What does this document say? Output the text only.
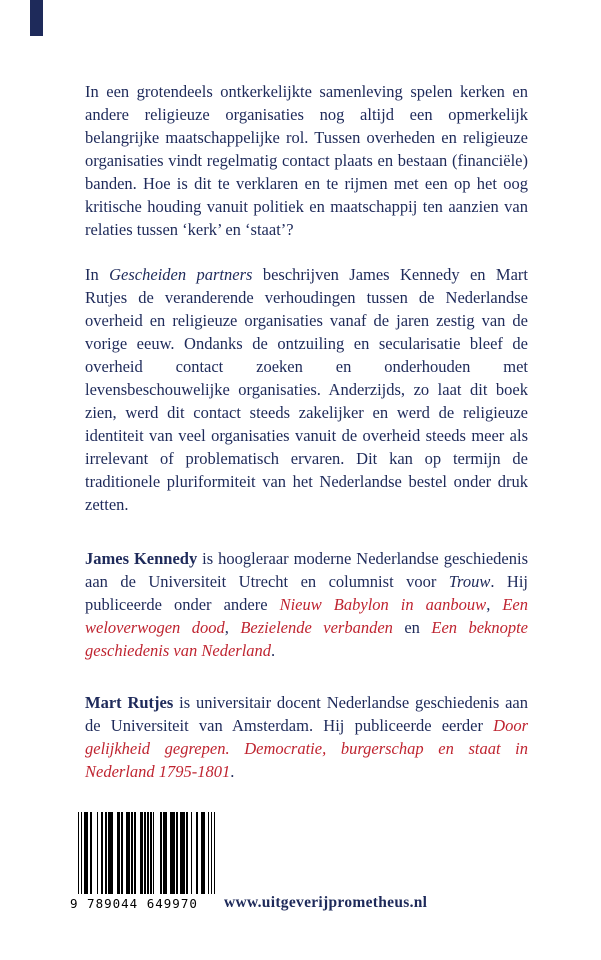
In een grotendeels ontkerkelijkte samenleving spelen kerken en andere religieuze organisaties nog altijd een opmerkelijk belangrijke maatschappelijke rol. Tussen overheden en religieuze organisaties vindt regelmatig contact plaats en bestaan (financiële) banden. Hoe is dit te verklaren en te rijmen met een op het oog kritische houding vanuit politiek en maatschappij ten aanzien van relaties tussen ‘kerk’ en ‘staat’?

In Gescheiden partners beschrijven James Kennedy en Mart Rutjes de veranderende verhoudingen tussen de Nederlandse overheid en religieuze organisaties vanaf de jaren zestig van de vorige eeuw. Ondanks de ontzuiling en secularisatie bleef de overheid contact zoeken en onderhouden met levensbeschouwelijke organisaties. Anderzijds, zo laat dit boek zien, werd dit contact steeds zakelijker en werd de religieuze identiteit van veel organisaties vanuit de overheid steeds meer als irrelevant of problematisch ervaren. Dit kan op termijn de traditionele pluriformiteit van het Nederlandse bestel onder druk zetten.

James Kennedy is hoogleraar moderne Nederlandse geschiedenis aan de Universiteit Utrecht en columnist voor Trouw. Hij publiceerde onder andere Nieuw Babylon in aanbouw, Een weloverwogen dood, Bezielende verbanden en Een beknopte geschiedenis van Nederland.

Mart Rutjes is universitair docent Nederlandse geschiedenis aan de Universiteit van Amsterdam. Hij publiceerde eerder Door gelijkheid gegrepen. Democratie, burgerschap en staat in Nederland 1795-1801.

9 789044 649970	www.uitgeverijprometheus.nl
